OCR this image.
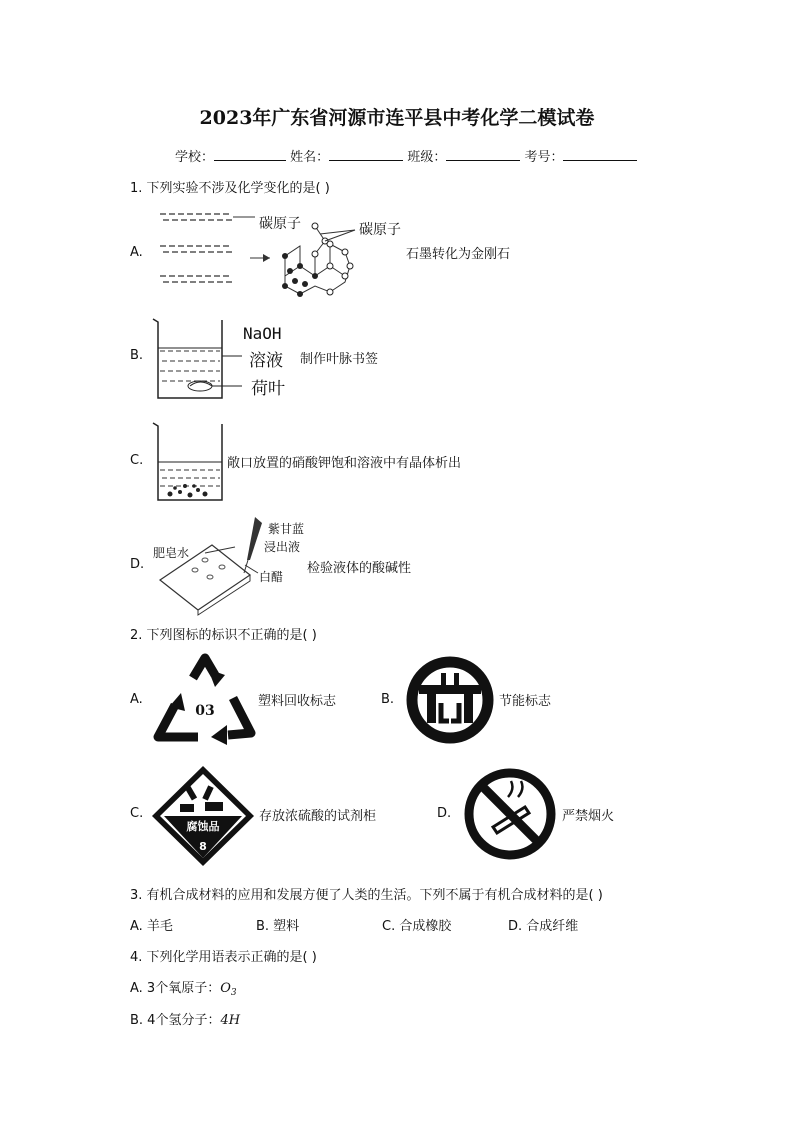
2023年广东省河源市连平县中考化学二模试卷
学校：	姓名：	班级：	考号：
1. 下列实验不涉及化学变化的是( )
A.
碳原子	碳原子
石墨转化为金刚石
B.
NaOH
溶液
荷叶
制作叶脉书签
C.	敞口放置的硝酸钾饱和溶液中有晶体析出
D.
紫甘蓝
浸出液
肥皂水
白醋
检验液体的酸碱性
2. 下列图标的标识不正确的是( )
A.
03
塑料回收标志	B.	节能标志
C.
腐蚀品
8
存放浓硫酸的试剂柜	D.	严禁烟火
3. 有机合成材料的应用和发展方便了人类的生活。下列不属于有机合成材料的是( )
A. 羊毛	B. 塑料	C. 合成橡胶	D. 合成纤维
4. 下列化学用语表示正确的是( )
A. 3个氧原子：$O_3$
B. 4个氢分子：4H
